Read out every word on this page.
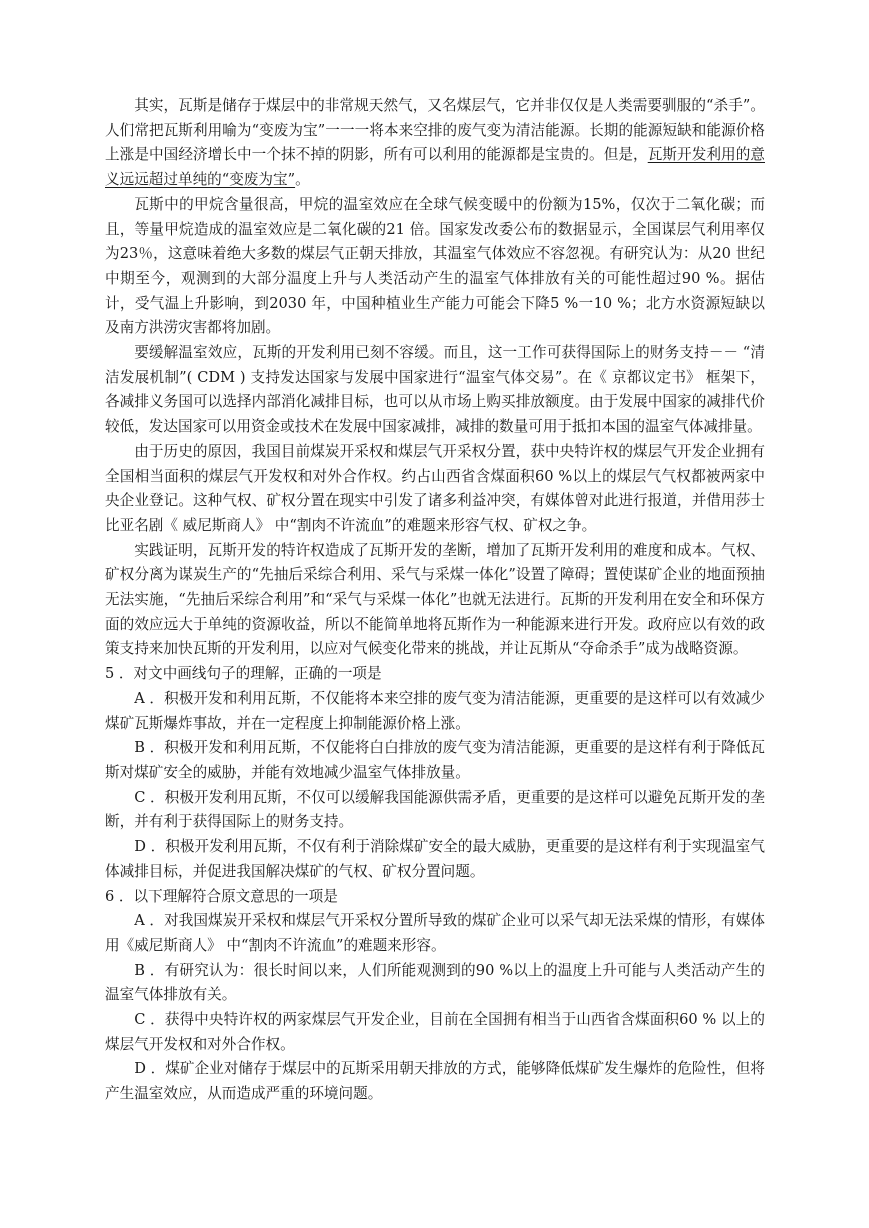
其实，瓦斯是储存于煤层中的非常规天然气，又名煤层气，它并非仅仅是人类需要驯服的“杀手”。人们常把瓦斯利用喻为“变废为宝”一一一将本来空排的废气变为清洁能源。长期的能源短缺和能源价格上涨是中国经济增长中一个抹不掉的阴影，所有可以利用的能源都是宝贵的。但是，瓦斯开发利用的意义远远超过单纯的“变废为宝”。

瓦斯中的甲烷含量很高，甲烷的温室效应在全球气候变暖中的份额为15%，仅次于二氧化碳；而且，等量甲烷造成的温室效应是二氧化碳的21 倍。国家发改委公布的数据显示，全国谋层气利用率仅为23％，这意味着绝大多数的煤层气正朝天排放，其温室气体效应不容忽视。有研究认为：从20 世纪中期至今，观测到的大部分温度上升与人类活动产生的温室气体排放有关的可能性超过90 %。据估计，受气温上升影响，到2030 年，中国种植业生产能力可能会下降5 %一10 %；北方水资源短缺以及南方洪涝灾害都将加剧。

要缓解温室效应，瓦斯的开发利用已刻不容缓。而且，这一工作可获得国际上的财务支持－－ “清洁发展机制”( CDM ) 支持发达国家与发展中国家进行“温室气体交易”。在《 京都议定书》 框架下，各减排义务国可以选择内部消化减排目标，也可以从市场上购买排放额度。由于发展中国家的减排代价较低，发达国家可以用资金或技术在发展中国家减排，减排的数量可用于抵扣本国的温室气体减排量。

由于历史的原因，我国目前煤炭开采权和煤层气开采权分置，获中央特许权的煤层气开发企业拥有全国相当面积的煤层气开发权和对外合作权。约占山西省含煤面积60 %以上的煤层气气权都被两家中央企业登记。这种气权、矿权分置在现实中引发了诸多利益冲突，有媒体曾对此进行报道，并借用莎士比亚名剧《 威尼斯商人》 中“割肉不许流血”的难题来形容气权、矿权之争。

实践证明，瓦斯开发的特许权造成了瓦斯开发的垄断，增加了瓦斯开发利用的难度和成本。气权、矿权分离为谋炭生产的“先抽后采综合利用、采气与采煤一体化”设置了障碍；置使谋矿企业的地面预抽无法实施，“先抽后采综合利用”和“采气与采煤一体化”也就无法进行。瓦斯的开发利用在安全和环保方面的效应远大于单纯的资源收益，所以不能简单地将瓦斯作为一种能源来进行开发。政府应以有效的政策支持来加快瓦斯的开发利用，以应对气候变化带来的挑战，并让瓦斯从“夺命杀手”成为战略资源。

5 ．对文中画线句子的理解，正确的一项是

A ．积极开发和利用瓦斯，不仅能将本来空排的废气变为清洁能源，更重要的是这样可以有效减少煤矿瓦斯爆炸事故，并在一定程度上抑制能源价格上涨。

B ．积极开发和利用瓦斯，不仅能将白白排放的废气变为清洁能源，更重要的是这样有利于降低瓦斯对煤矿安全的威胁，并能有效地减少温室气体排放量。

C ．积极开发利用瓦斯，不仅可以缓解我国能源供需矛盾，更重要的是这样可以避免瓦斯开发的垄断，并有利于获得国际上的财务支持。

D ．积极开发利用瓦斯，不仅有利于消除煤矿安全的最大威胁，更重要的是这样有利于实现温室气体减排目标，并促进我国解决煤矿的气权、矿权分置问题。

6 ．以下理解符合原文意思的一项是

A ．对我国煤炭开采权和煤层气开采权分置所导致的煤矿企业可以采气却无法采煤的情形，有媒体用《威尼斯商人》 中“割肉不许流血”的难题来形容。

B ．有研究认为：很长时间以来，人们所能观测到的90 %以上的温度上升可能与人类活动产生的温室气体排放有关。

C ．获得中央特许权的两家煤层气开发企业，目前在全国拥有相当于山西省含煤面积60 % 以上的煤层气开发权和对外合作权。

D ．煤矿企业对储存于煤层中的瓦斯采用朝天排放的方式，能够降低煤矿发生爆炸的危险性，但将产生温室效应，从而造成严重的环境问题。
